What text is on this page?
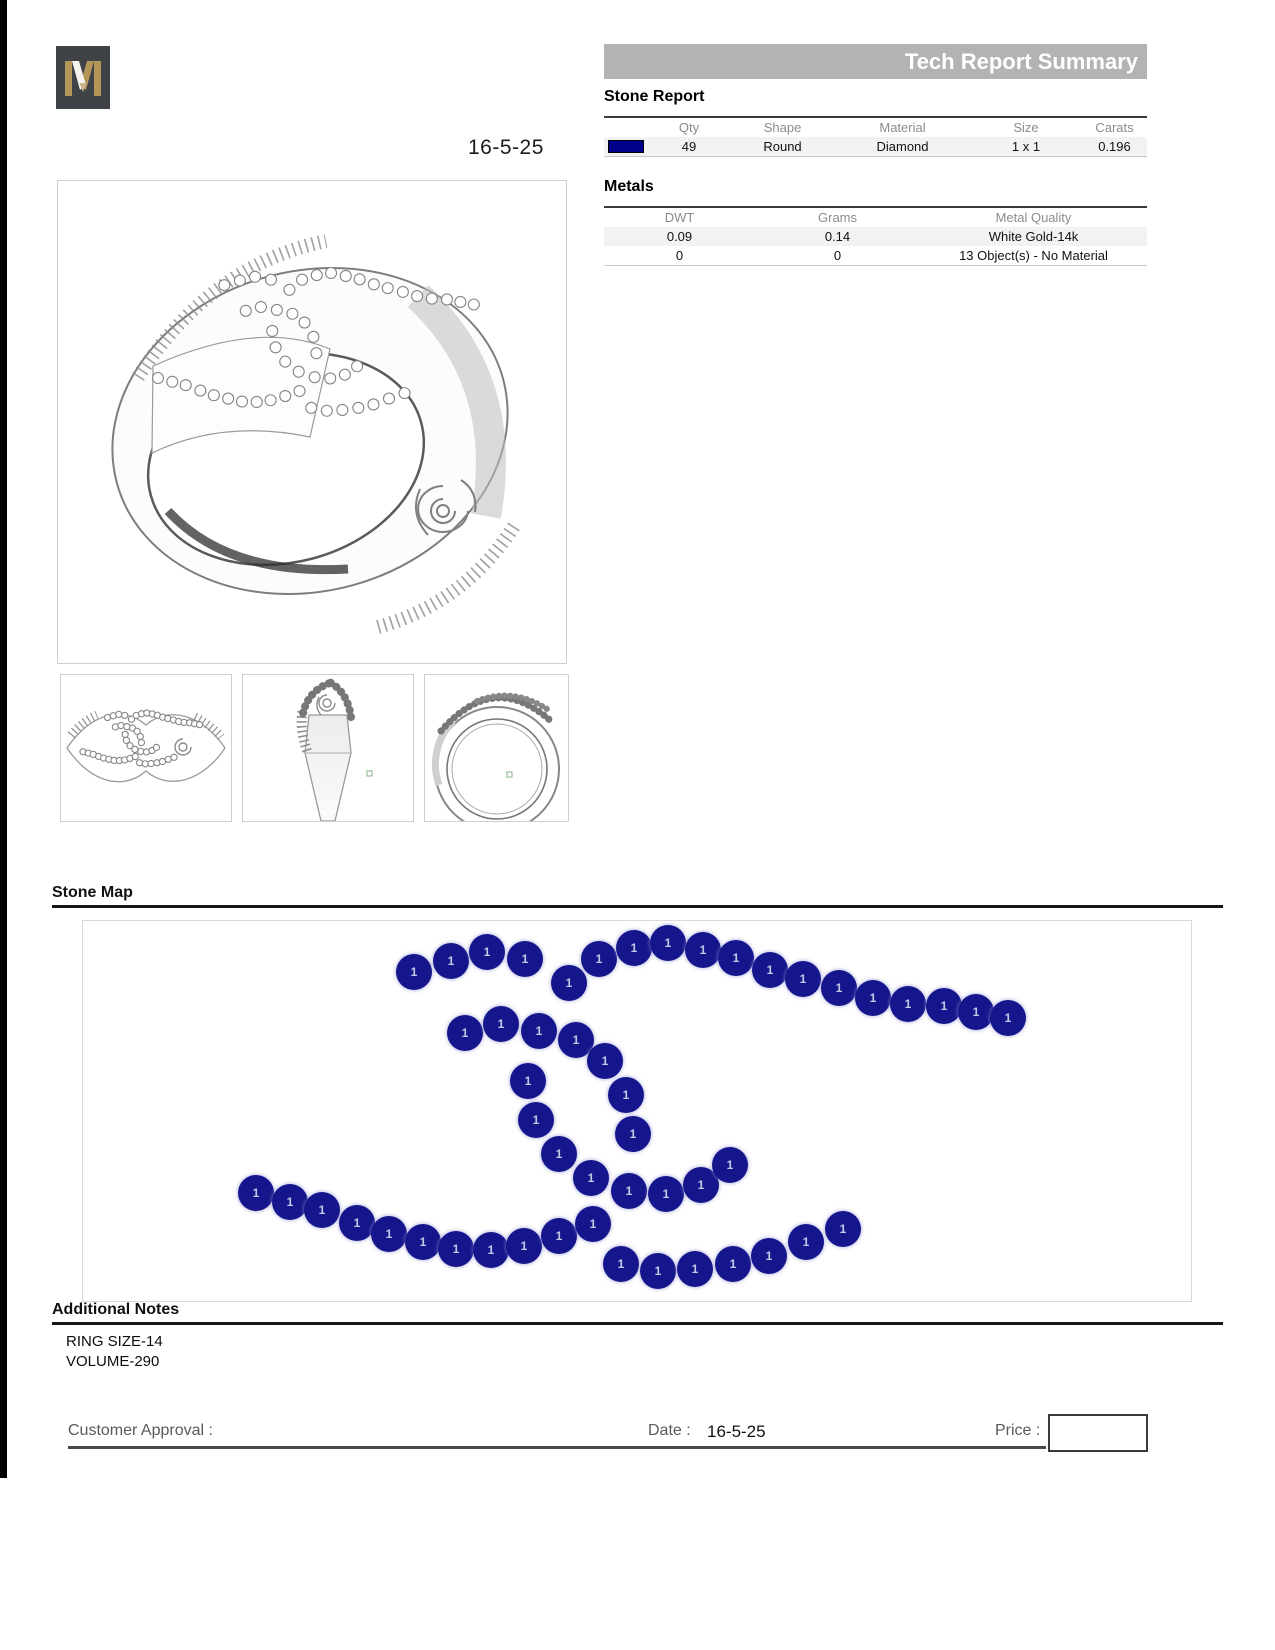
16-5-25
Tech Report Summary
Stone Report
Qty	Shape	Material	Size	Carats
49	Round	Diamond	1 x 1	0.196
Metals
DWT	Grams	Metal Quality
0.09	0.14	White Gold-14k
0	0	13 Object(s) - No Material
Stone Map
1
1
1	1
1
1
1	1	1
1
1
1
1
1	1	1	1	1
1
1	1
1
1
1
1
1
1
1
1
1	1
1
1
1
1
1
1
1
1	1	1	1
1
1
1	1	1	1
1
1
1
Additional Notes
RING SIZE-14
VOLUME-290
Customer Approval :	Date : 16-5-25	Price :
